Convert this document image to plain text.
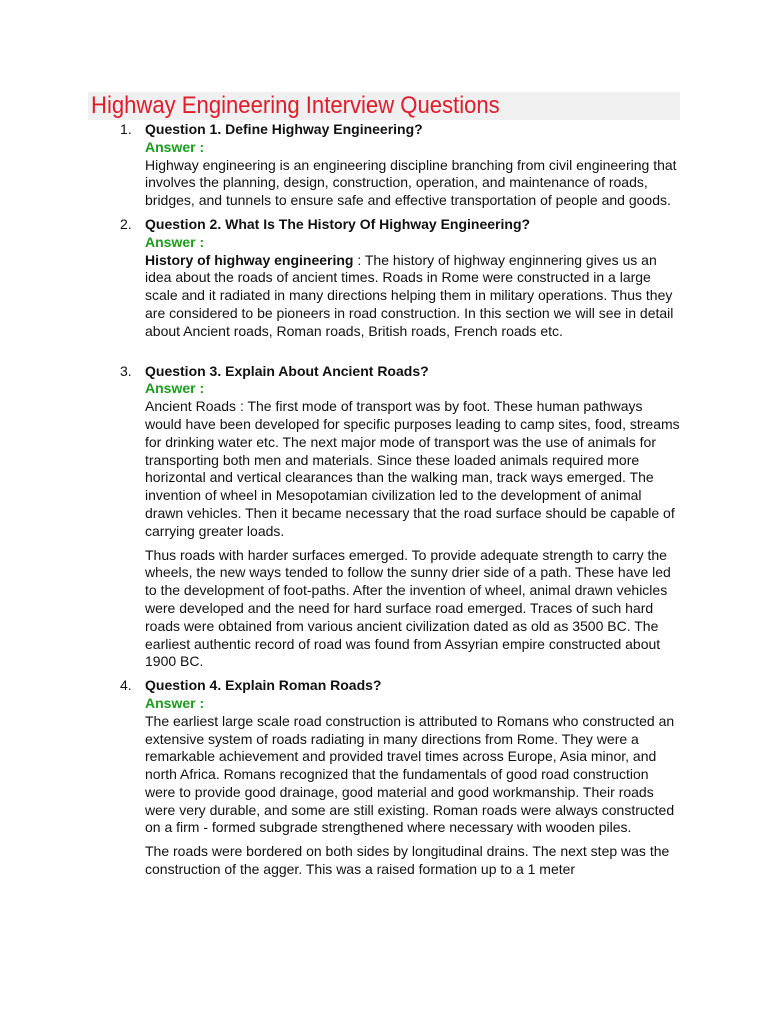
Highway Engineering Interview Questions
1. Question 1. Define Highway Engineering?
Answer :

Highway engineering is an engineering discipline branching from civil engineering that involves the planning, design, construction, operation, and maintenance of roads, bridges, and tunnels to ensure safe and effective transportation of people and goods.

2. Question 2. What Is The History Of Highway Engineering?
Answer :

History of highway engineering : The history of highway enginnering gives us an idea about the roads of ancient times. Roads in Rome were constructed in a large scale and it radiated in many directions helping them in military operations. Thus they are considered to be pioneers in road construction. In this section we will see in detail about Ancient roads, Roman roads, British roads, French roads etc.

3. Question 3. Explain About Ancient Roads?
Answer :

Ancient Roads : The first mode of transport was by foot. These human pathways would have been developed for specific purposes leading to camp sites, food, streams for drinking water etc. The next major mode of transport was the use of animals for transporting both men and materials. Since these loaded animals required more horizontal and vertical clearances than the walking man, track ways emerged. The invention of wheel in Mesopotamian civilization led to the development of animal drawn vehicles. Then it became necessary that the road surface should be capable of carrying greater loads.

Thus roads with harder surfaces emerged. To provide adequate strength to carry the wheels, the new ways tended to follow the sunny drier side of a path. These have led to the development of foot-paths. After the invention of wheel, animal drawn vehicles were developed and the need for hard surface road emerged. Traces of such hard roads were obtained from various ancient civilization dated as old as 3500 BC. The earliest authentic record of road was found from Assyrian empire constructed about 1900 BC.

4. Question 4. Explain Roman Roads?
Answer :

The earliest large scale road construction is attributed to Romans who constructed an extensive system of roads radiating in many directions from Rome. They were a remarkable achievement and provided travel times across Europe, Asia minor, and north Africa. Romans recognized that the fundamentals of good road construction were to provide good drainage, good material and good workmanship. Their roads were very durable, and some are still existing. Roman roads were always constructed on a firm - formed subgrade strengthened where necessary with wooden piles.

The roads were bordered on both sides by longitudinal drains. The next step was the construction of the agger. This was a raised formation up to a 1 meter
